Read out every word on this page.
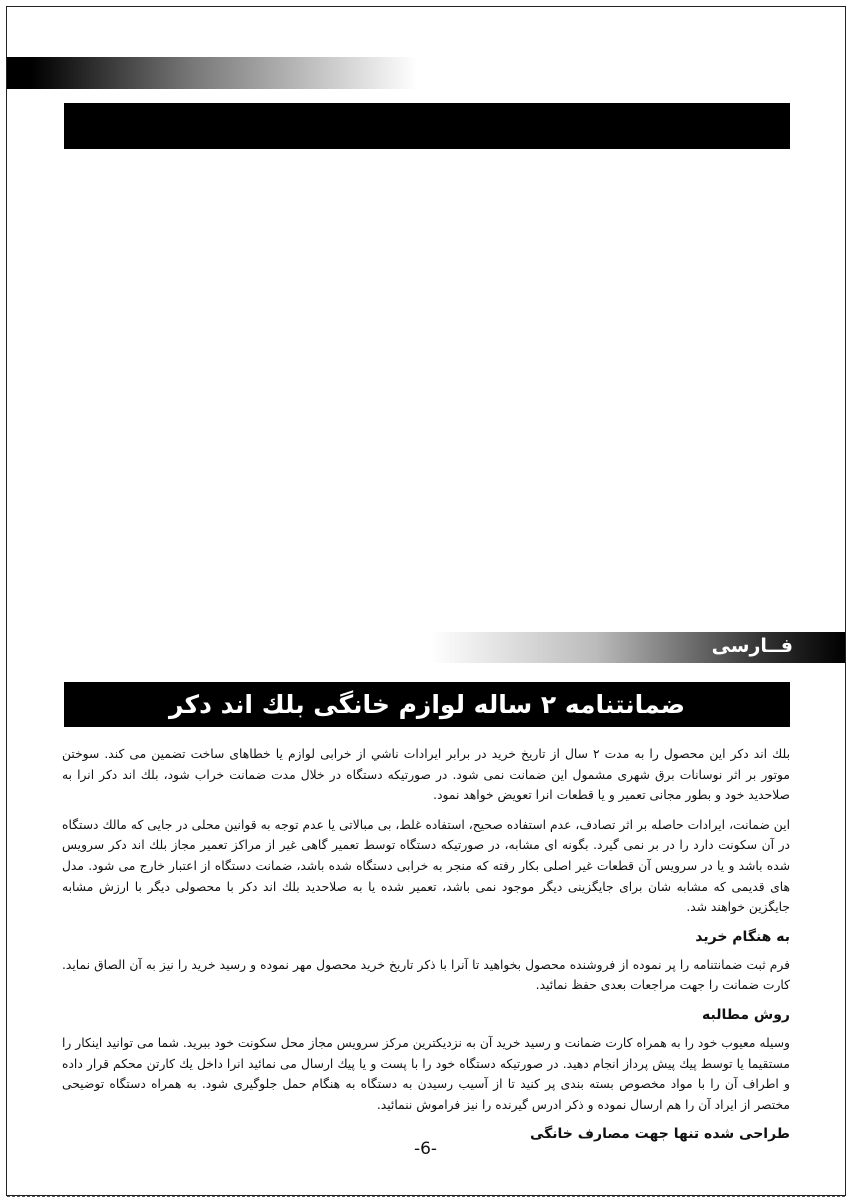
فــارسی
ضمانتنامه ۲ ساله لوازم خانگی بلك اند دكر

بلك اند دكر این محصول را به مدت ۲ سال از تاریخ خرید در برابر ایرادات ناشي از خرابی لوازم یا خطاهای ساخت تضمین می كند. سوختن موتور بر اثر نوسانات برق شهری مشمول این ضمانت نمی شود. در صورتیكه دستگاه در خلال مدت ضمانت خراب شود، بلك اند دكر انرا به صلاحدید خود و بطور مجانی تعمیر و یا قطعات انرا تعویض خواهد نمود.

این ضمانت، ایرادات حاصله بر اثر تصادف، عدم استفاده صحیح، استفاده غلط، بی مبالاتی یا عدم توجه به قوانین محلی در جایی كه مالك دستگاه در آن سكونت دارد را در بر نمی گیرد. بگونه ای مشابه، در صورتیكه دستگاه توسط تعمیر گاهی غیر از مراكز تعمیر مجاز بلك اند دكر سرویس شده باشد و یا در سرویس آن قطعات غیر اصلی بكار رفته كه منجر به خرابی دستگاه شده باشد، ضمانت دستگاه از اعتبار خارج می شود. مدل های قدیمی كه مشابه شان برای جایگزینی دیگر موجود نمی باشد، تعمیر شده یا به صلاحدید بلك اند دكر با محصولی دیگر با ارزش مشابه جایگزین خواهند شد.

به هنگام خرید

فرم ثبت ضمانتنامه را پر نموده از فروشنده محصول بخواهید تا آنرا با ذكر تاریخ خرید محصول مهر نموده و رسید خرید را نیز به آن الصاق نماید. كارت ضمانت را جهت مراجعات بعدی حفظ نمائید.

روش مطالبه

وسیله معیوب خود را به همراه كارت ضمانت و رسید خرید آن به نزدیكترین مركز سرویس مجاز محل سكونت خود ببرید. شما می توانید اینكار را مستقیما یا توسط پیك پیش پرداز انجام دهید. در صورتیكه دستگاه خود را با پست و یا پیك ارسال می نمائید انرا داخل یك كارتن محكم قرار داده و اطراف آن را با مواد مخصوص بسته بندی پر كنید تا از آسیب رسیدن به دستگاه به هنگام حمل جلوگیری شود. به همراه دستگاه توضیحی مختصر از ایراد آن را هم ارسال نموده و ذكر ادرس گیرنده را نیز فراموش ننمائید.

طراحی شده تنها جهت مصارف خانگی
-6-
